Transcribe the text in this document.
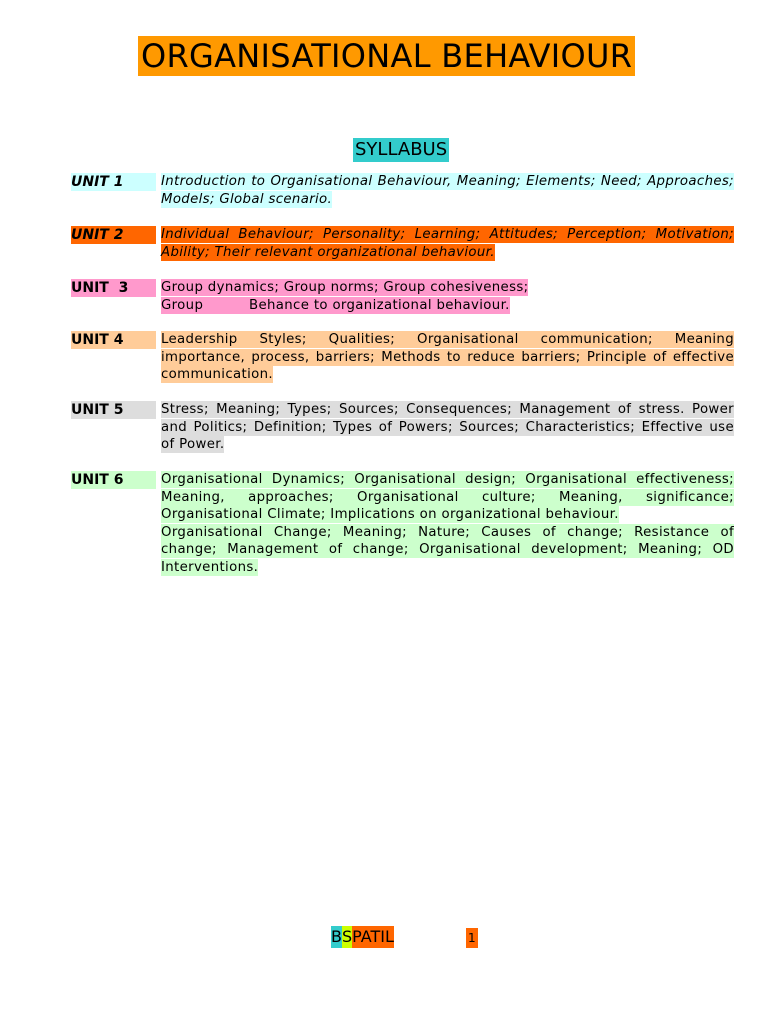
ORGANISATIONAL BEHAVIOUR
SYLLABUS
UNIT 1	Introduction to Organisational Behaviour, Meaning; Elements; Need; Approaches; Models; Global scenario.
UNIT 2	Individual Behaviour; Personality; Learning; Attitudes; Perception; Motivation; Ability; Their relevant organizational behaviour.
UNIT  3	Group dynamics; Group norms; Group cohesiveness;
Group          Behance to organizational behaviour.
UNIT 4	Leadership Styles; Qualities; Organisational communication; Meaning importance, process, barriers; Methods to reduce barriers; Principle of effective communication.
UNIT 5	Stress; Meaning; Types; Sources; Consequences; Management of stress. Power and Politics; Definition; Types of Powers; Sources; Characteristics; Effective use of Power.
UNIT 6	Organisational Dynamics; Organisational design; Organisational effectiveness; Meaning, approaches; Organisational culture; Meaning, significance; Organisational Climate; Implications on organizational behaviour.
Organisational Change; Meaning; Nature; Causes of change; Resistance of change; Management of change; Organisational development; Meaning; OD Interventions.
BSPATIL	1
